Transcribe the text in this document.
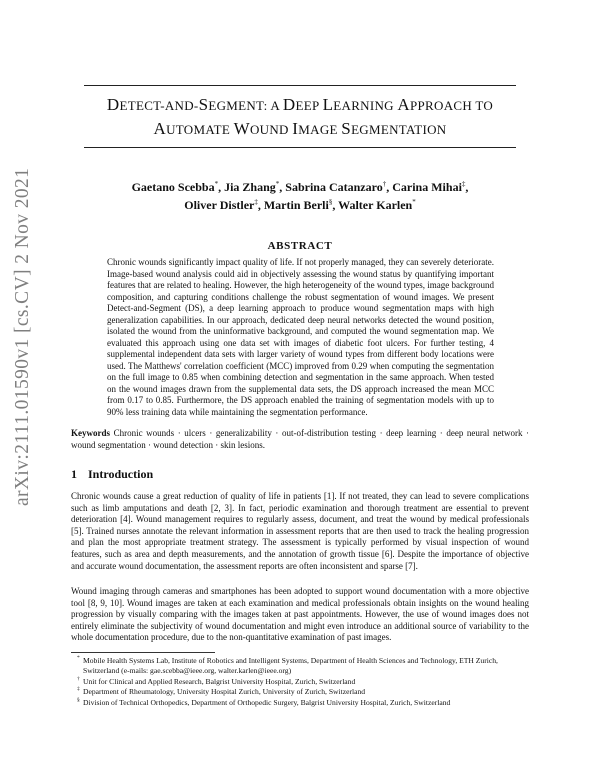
arXiv:2111.01590v1 [cs.CV] 2 Nov 2021
DETECT-AND-SEGMENT: A DEEP LEARNING APPROACH TO
AUTOMATE WOUND IMAGE SEGMENTATION
Gaetano Scebba*, Jia Zhang*, Sabrina Catanzaro†, Carina Mihai‡,
Oliver Distler‡, Martin Berli§, Walter Karlen*
ABSTRACT
Chronic wounds significantly impact quality of life. If not properly managed, they can severely deteriorate. Image-based wound analysis could aid in objectively assessing the wound status by quantifying important features that are related to healing. However, the high heterogeneity of the wound types, image background composition, and capturing conditions challenge the robust segmentation of wound images. We present Detect-and-Segment (DS), a deep learning approach to produce wound segmentation maps with high generalization capabilities. In our approach, dedicated deep neural networks detected the wound position, isolated the wound from the uninformative background, and computed the wound segmentation map. We evaluated this approach using one data set with images of diabetic foot ulcers. For further testing, 4 supplemental independent data sets with larger variety of wound types from different body locations were used. The Matthews' correlation coefficient (MCC) improved from 0.29 when computing the segmentation on the full image to 0.85 when combining detection and segmentation in the same approach. When tested on the wound images drawn from the supplemental data sets, the DS approach increased the mean MCC from 0.17 to 0.85. Furthermore, the DS approach enabled the training of segmentation models with up to 90% less training data while maintaining the segmentation performance.
Keywords Chronic wounds · ulcers · generalizability · out-of-distribution testing · deep learning · deep neural network · wound segmentation · wound detection · skin lesions.
1 Introduction

Chronic wounds cause a great reduction of quality of life in patients [1]. If not treated, they can lead to severe complications such as limb amputations and death [2, 3]. In fact, periodic examination and thorough treatment are essential to prevent deterioration [4]. Wound management requires to regularly assess, document, and treat the wound by medical professionals [5]. Trained nurses annotate the relevant information in assessment reports that are then used to track the healing progression and plan the most appropriate treatment strategy. The assessment is typically performed by visual inspection of wound features, such as area and depth measurements, and the annotation of growth tissue [6]. Despite the importance of objective and accurate wound documentation, the assessment reports are often inconsistent and sparse [7].

Wound imaging through cameras and smartphones has been adopted to support wound documentation with a more objective tool [8, 9, 10]. Wound images are taken at each examination and medical professionals obtain insights on the wound healing progression by visually comparing with the images taken at past appointments. However, the use of wound images does not entirely eliminate the subjectivity of wound documentation and might even introduce an additional source of variability to the whole documentation procedure, due to the non-quantitative examination of past images.

* Mobile Health Systems Lab, Institute of Robotics and Intelligent Systems, Department of Health Sciences and Technology, ETH Zurich, Switzerland (e-mails: gae.scebba@ieee.org, walter.karlen@ieee.org)

† Unit for Clinical and Applied Research, Balgrist University Hospital, Zurich, Switzerland

‡ Department of Rheumatology, University Hospital Zurich, University of Zurich, Switzerland

§ Division of Technical Orthopedics, Department of Orthopedic Surgery, Balgrist University Hospital, Zurich, Switzerland
